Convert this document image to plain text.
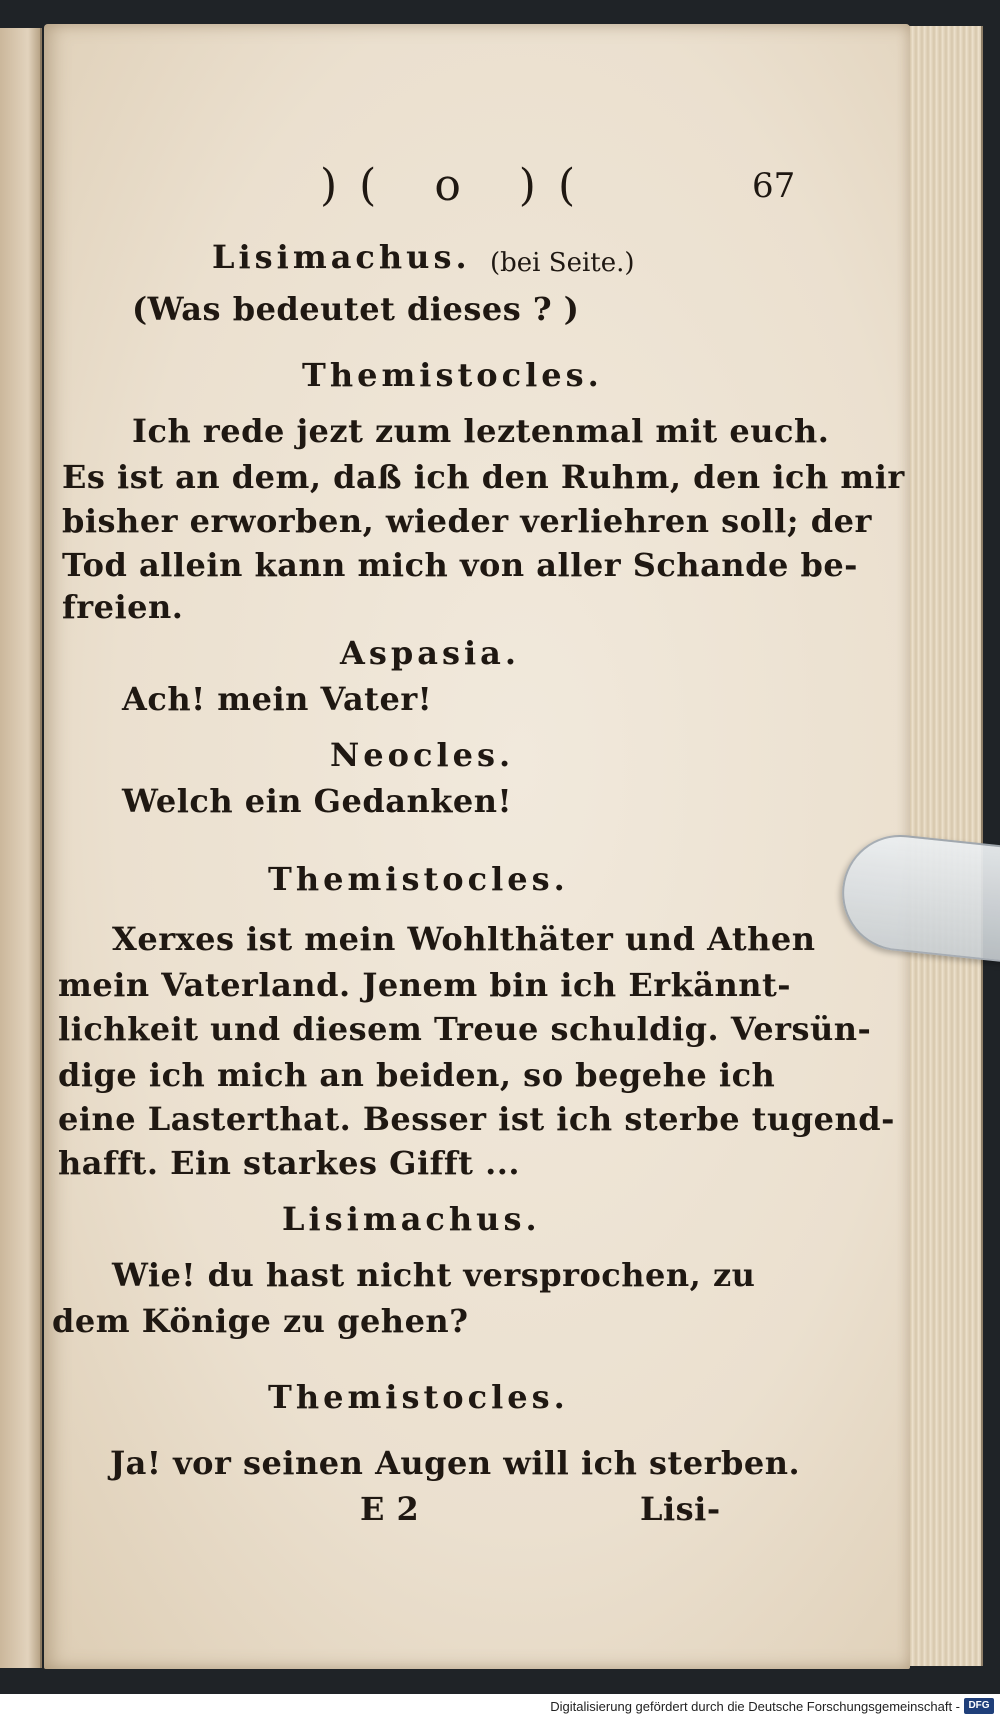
)( o )(	67
Lisimachus. (bei Seite.)
(Was bedeutet dieses ? )
Themistocles.
Ich rede jezt zum leztenmal mit euch.
Es ist an dem, daß ich den Ruhm, den ich mir
bisher erworben, wieder verliehren soll; der
Tod allein kann mich von aller Schande be-
freien.
Aspasia.
Ach! mein Vater!
Neocles.
Welch ein Gedanken!
Themistocles.
Xerxes ist mein Wohlthäter und Athen
mein Vaterland. Jenem bin ich Erkännt-
lichkeit und diesem Treue schuldig. Versün-
dige ich mich an beiden, so begehe ich
eine Lasterthat. Besser ist ich sterbe tugend-
hafft. Ein starkes Gifft ...
Lisimachus.
Wie! du hast nicht versprochen, zu
dem Könige zu gehen?
Themistocles.
Ja! vor seinen Augen will ich sterben.
E 2	Lisi-
Digitalisierung gefördert durch die Deutsche Forschungsgemeinschaft - DFG
